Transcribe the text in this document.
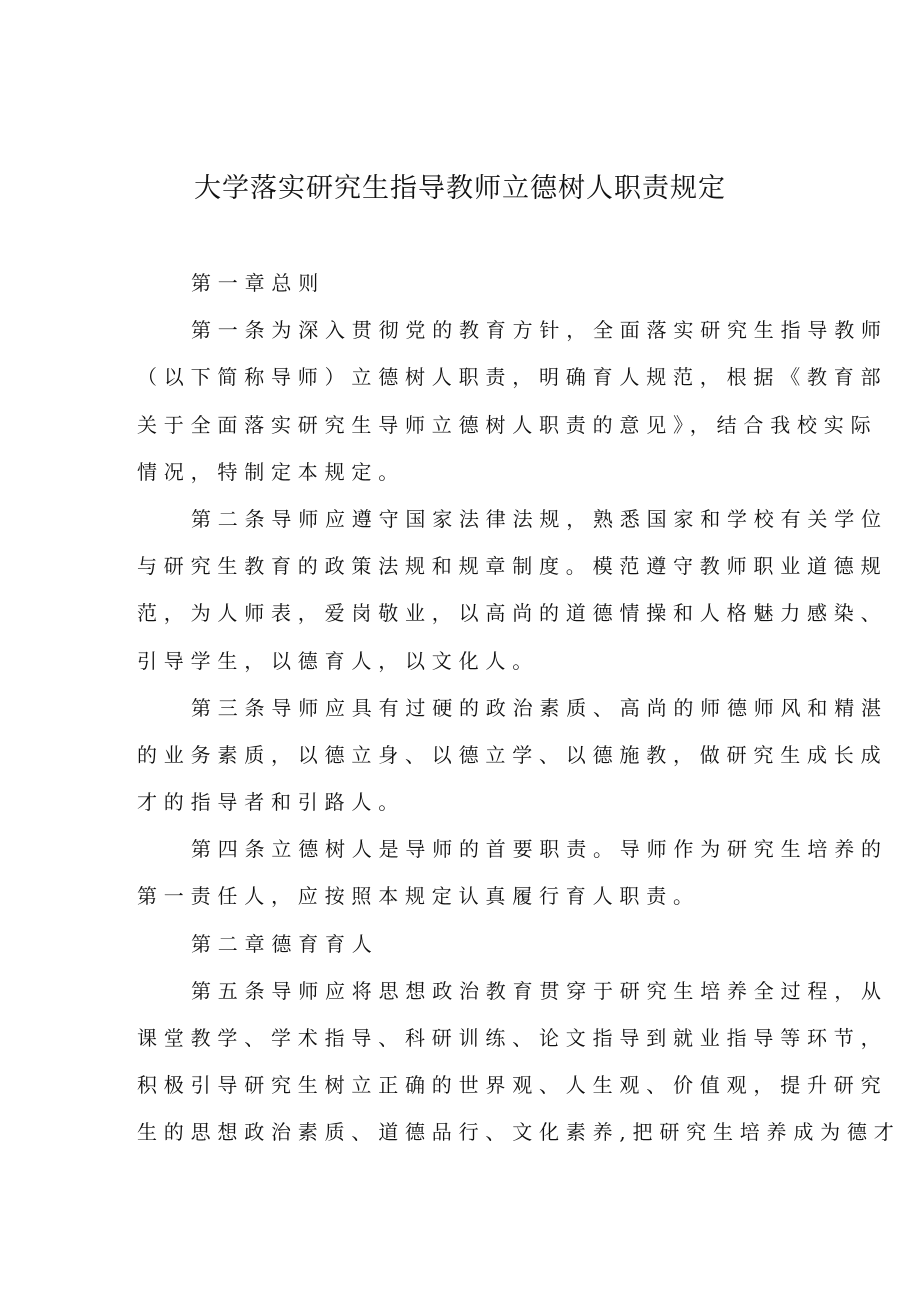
大学落实研究生指导教师立德树人职责规定
第一章总则
第一条为深入贯彻党的教育方针，全面落实研究生指导教师
（以下简称导师）立德树人职责，明确育人规范，根据《教育部
关于全面落实研究生导师立德树人职责的意见》，结合我校实际
情况，特制定本规定。
第二条导师应遵守国家法律法规，熟悉国家和学校有关学位
与研究生教育的政策法规和规章制度。模范遵守教师职业道德规
范，为人师表，爱岗敬业，以高尚的道德情操和人格魅力感染、
引导学生，以德育人，以文化人。
第三条导师应具有过硬的政治素质、高尚的师德师风和精湛
的业务素质，以德立身、以德立学、以德施教，做研究生成长成
才的指导者和引路人。
第四条立德树人是导师的首要职责。导师作为研究生培养的
第一责任人，应按照本规定认真履行育人职责。
第二章德育育人
第五条导师应将思想政治教育贯穿于研究生培养全过程，从
课堂教学、学术指导、科研训练、论文指导到就业指导等环节，
积极引导研究生树立正确的世界观、人生观、价值观，提升研究
生的思想政治素质、道德品行、文化素养,把研究生培养成为德才
